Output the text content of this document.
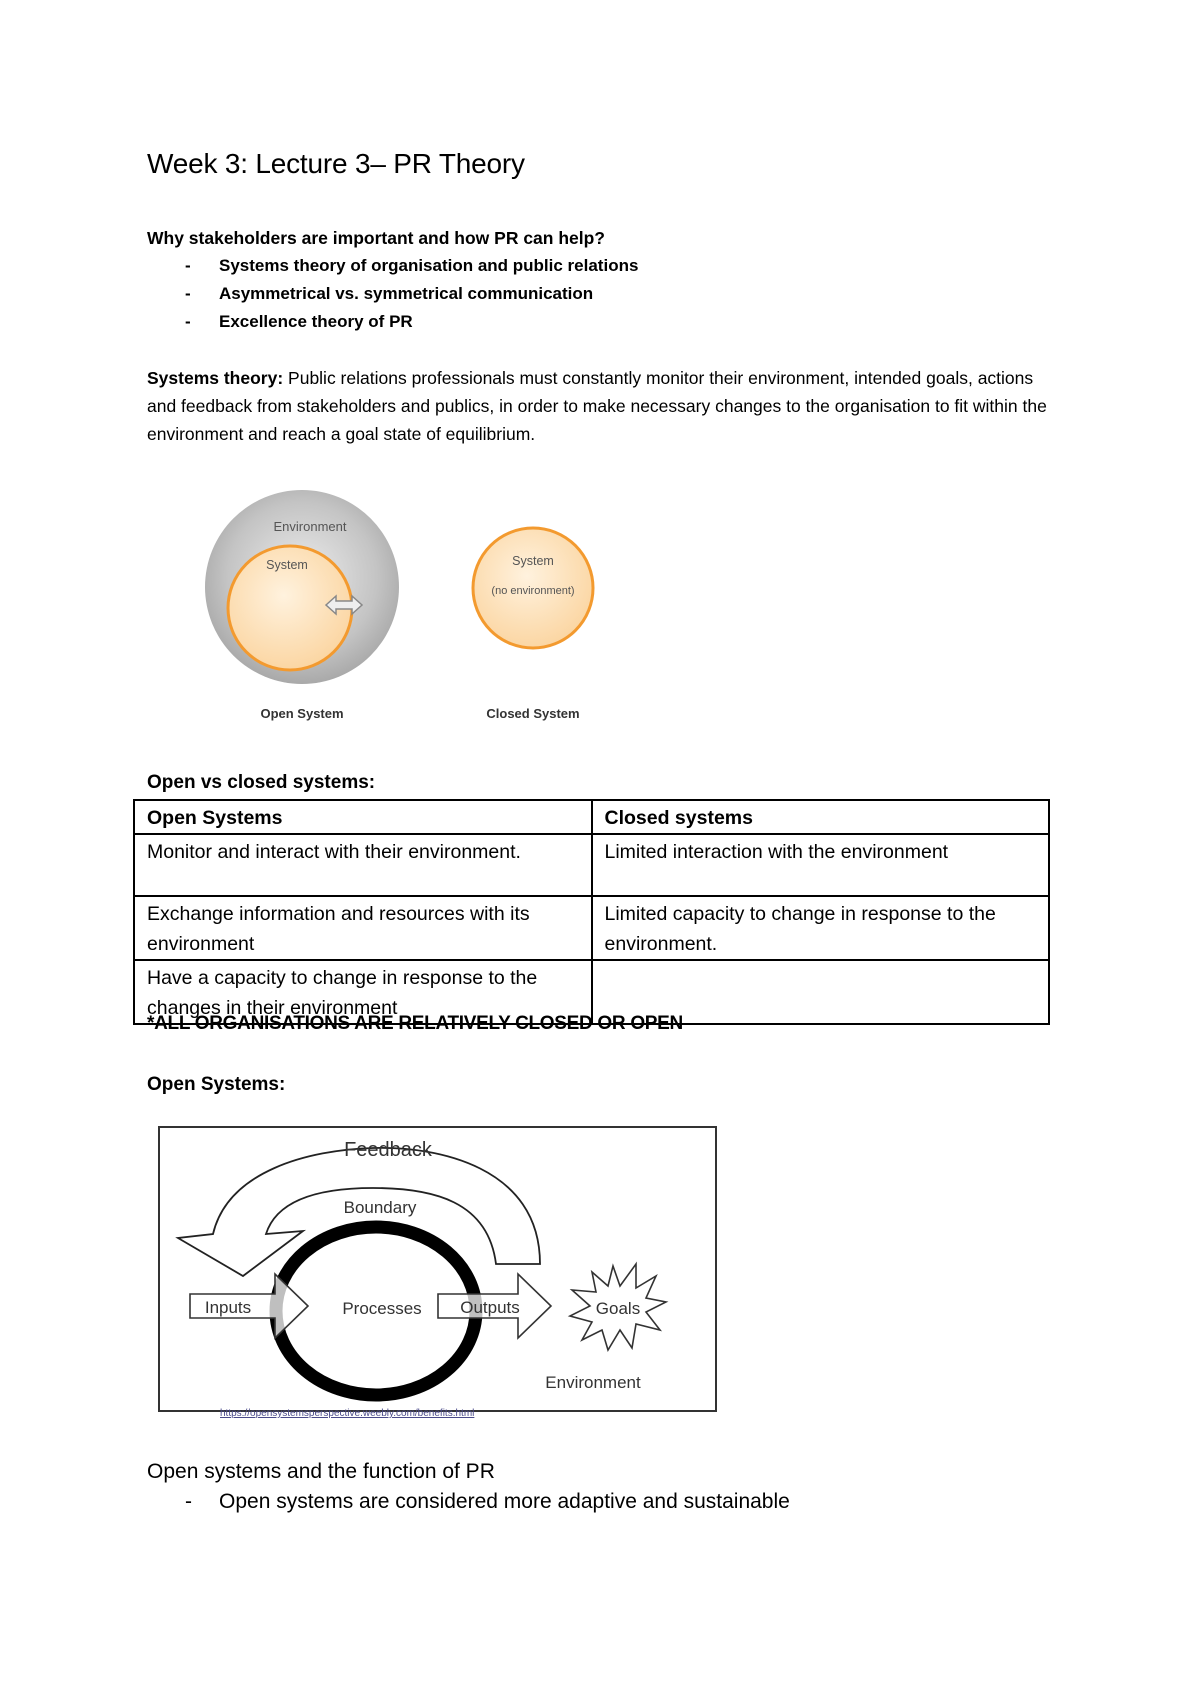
Week 3: Lecture 3– PR Theory
Why stakeholders are important and how PR can help?
- Systems theory of organisation and public relations
- Asymmetrical vs. symmetrical communication
- Excellence theory of PR
Systems theory: Public relations professionals must constantly monitor their environment, intended goals, actions and feedback from stakeholders and publics, in order to make necessary changes to the organisation to fit within the environment and reach a goal state of equilibrium.
Environment
System
Open System
System
(no environment)
Closed System
Open vs closed systems:
Open Systems	Closed systems
Monitor and interact with their environment.	Limited interaction with the environment
Exchange information and resources with its environment	Limited capacity to change in response to the environment.
Have a capacity to change in response to the changes in their environment	
*ALL ORGANISATIONS ARE RELATIVELY CLOSED OR OPEN
Open Systems:
Feedback
Boundary
Inputs	Processes Outputs	Goals
Environment
https://opensystemsperspective.weebly.com/benefits.html
Open systems and the function of PR
- Open systems are considered more adaptive and sustainable
